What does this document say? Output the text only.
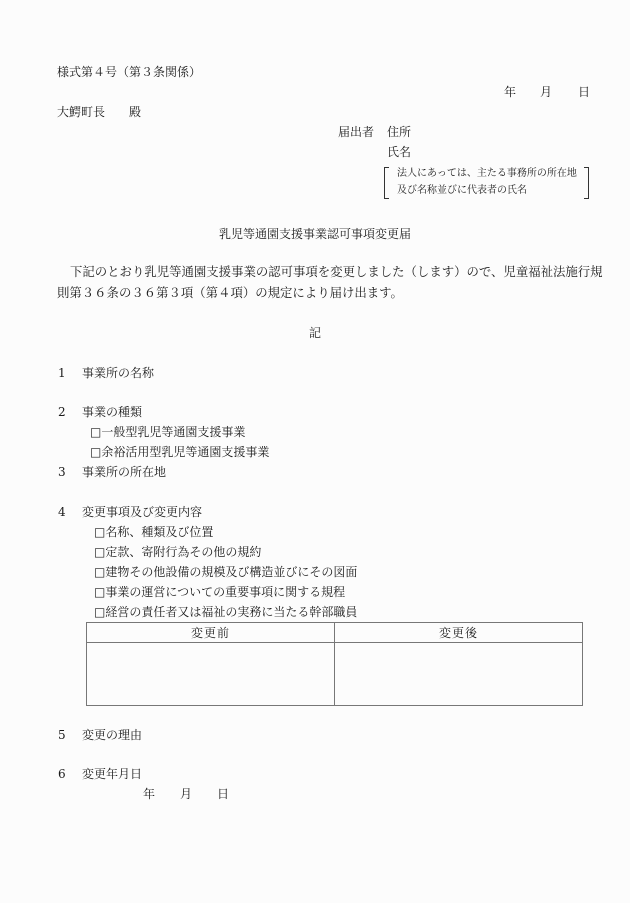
様式第４号（第３条関係）
年 月 日
大鰐町長 殿
届出者 住所
氏名
法人にあっては、主たる事務所の所在地
及び名称並びに代表者の氏名
乳児等通園支援事業認可事項変更届
下記のとおり乳児等通園支援事業の認可事項を変更しました（します）ので、児童福祉法施行規
則第３６条の３６第３項（第４項）の規定により届け出ます。
記
1 事業所の名称
2 事業の種類
□一般型乳児等通園支援事業
□余裕活用型乳児等通園支援事業
3 事業所の所在地
4 変更事項及び変更内容
□名称、種類及び位置
□定款、寄附行為その他の規約
□建物その他設備の規模及び構造並びにその図面
□事業の運営についての重要事項に関する規程
□経営の責任者又は福祉の実務に当たる幹部職員
変更前	変更後

5 変更の理由
6 変更年月日
年 月 日
